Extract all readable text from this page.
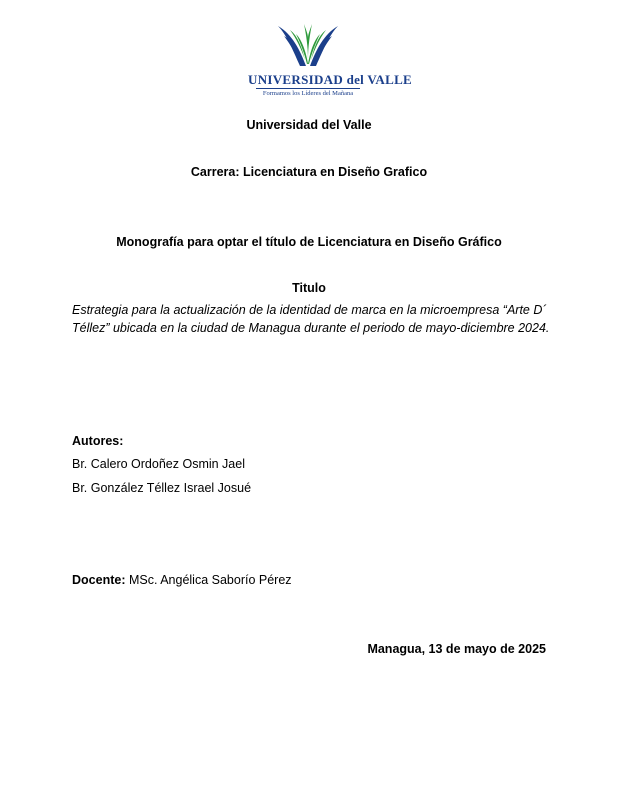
UNIVERSIDAD del VALLE
Formamos los Líderes del Mañana
Universidad del Valle
Carrera: Licenciatura en Diseño Grafico
Monografía para optar el título de Licenciatura en Diseño Gráfico
Titulo
Estrategia para la actualización de la identidad de marca en la microempresa “Arte D´ Téllez” ubicada en la ciudad de Managua durante el periodo de mayo-diciembre 2024.
Autores:
Br. Calero Ordoñez Osmin Jael
Br. González Téllez Israel Josué
Docente: MSc. Angélica Saborío Pérez
Managua, 13 de mayo de 2025
